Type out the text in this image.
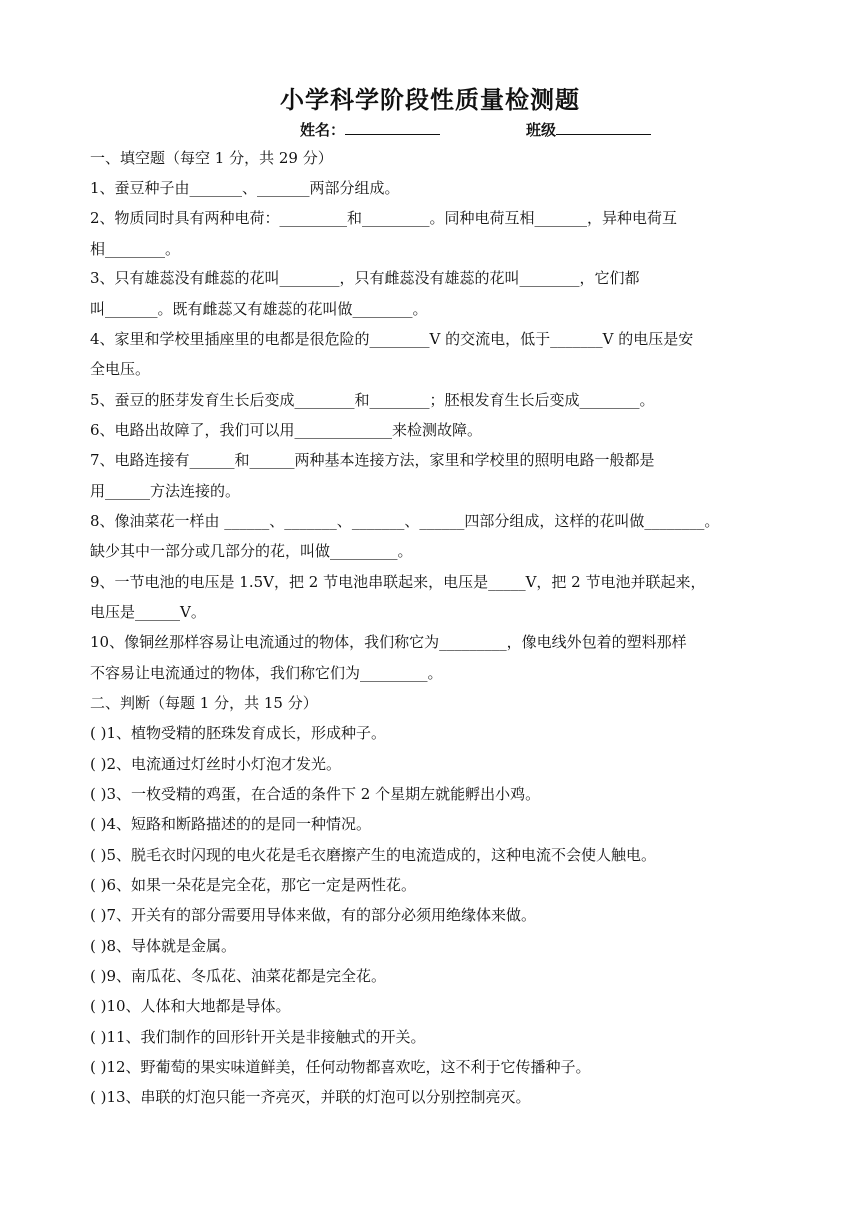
小学科学阶段性质量检测题
姓名：	班级
一、填空题（每空 1 分，共 29 分）
1、蚕豆种子由_______、_______两部分组成。
2、物质同时具有两种电荷：_________和_________。同种电荷互相_______，异种电荷互
相________。
3、只有雄蕊没有雌蕊的花叫________，只有雌蕊没有雄蕊的花叫________，它们都
叫_______。既有雌蕊又有雄蕊的花叫做________。
4、家里和学校里插座里的电都是很危险的________V 的交流电，低于_______V 的电压是安
全电压。
5、蚕豆的胚芽发育生长后变成________和________；胚根发育生长后变成________。
6、电路出故障了，我们可以用_____________来检测故障。
7、电路连接有______和______两种基本连接方法，家里和学校里的照明电路一般都是
用______方法连接的。
8、像油菜花一样由 ______、_______、_______、______四部分组成，这样的花叫做________。
缺少其中一部分或几部分的花，叫做_________。
9、一节电池的电压是 1.5V，把 2 节电池串联起来，电压是_____V，把 2 节电池并联起来，
电压是______V。
10、像铜丝那样容易让电流通过的物体，我们称它为_________，像电线外包着的塑料那样
不容易让电流通过的物体，我们称它们为_________。
二、判断（每题 1 分，共 15 分）
( )1、植物受精的胚珠发育成长，形成种子。
( )2、电流通过灯丝时小灯泡才发光。
( )3、一枚受精的鸡蛋，在合适的条件下 2 个星期左就能孵出小鸡。
( )4、短路和断路描述的的是同一种情况。
( )5、脱毛衣时闪现的电火花是毛衣磨擦产生的电流造成的，这种电流不会使人触电。
( )6、如果一朵花是完全花，那它一定是两性花。
( )7、开关有的部分需要用导体来做，有的部分必须用绝缘体来做。
( )8、导体就是金属。
( )9、南瓜花、冬瓜花、油菜花都是完全花。
( )10、人体和大地都是导体。
( )11、我们制作的回形针开关是非接触式的开关。
( )12、野葡萄的果实味道鲜美，任何动物都喜欢吃，这不利于它传播种子。
( )13、串联的灯泡只能一齐亮灭，并联的灯泡可以分别控制亮灭。
